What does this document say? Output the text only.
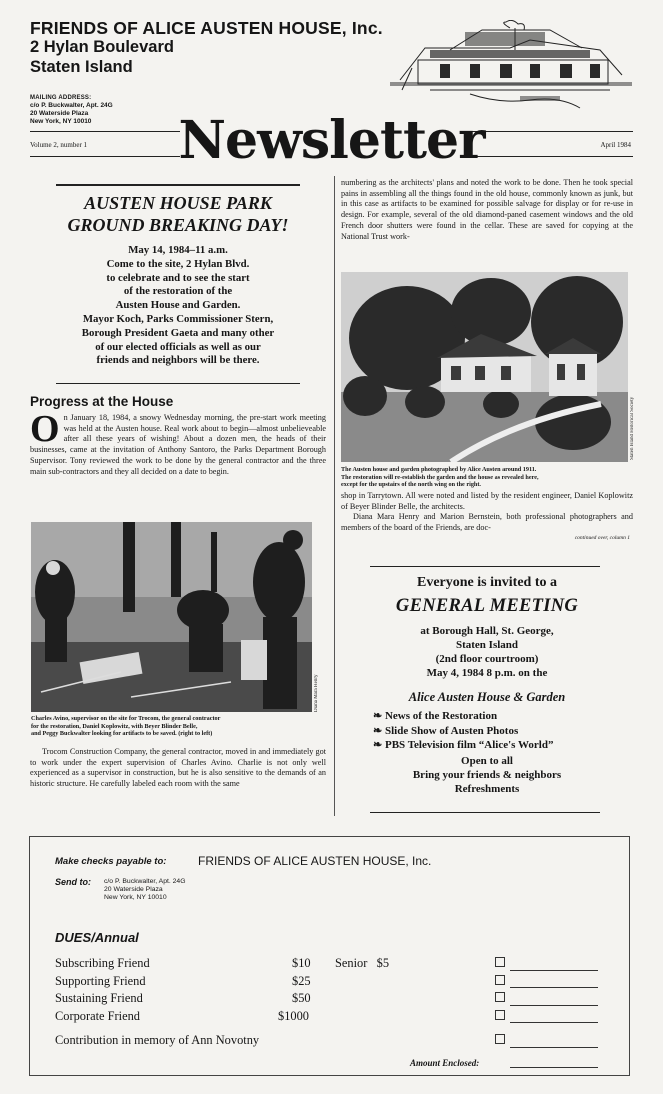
FRIENDS OF ALICE AUSTEN HOUSE, Inc.
2 Hylan Boulevard
Staten Island
MAILING ADDRESS:
c/o P. Buckwalter, Apt. 24G
20 Waterside Plaza
New York, NY 10010	Newsletter
Volume 2, number 1	April 1984
AUSTEN HOUSE PARK
GROUND BREAKING DAY!
May 14, 1984–11 a.m.
Come to the site, 2 Hylan Blvd.
to celebrate and to see the start
of the restoration of the
Austen House and Garden.
Mayor Koch, Parks Commissioner Stern,
Borough President Gaeta and many other
of our elected officials as well as our
friends and neighbors will be there.
Progress at the House
On January 18, 1984, a snowy Wednesday morning, the pre-start work meeting was held at the Austen house. Real work about to begin—almost unbelieveable after all these years of wishing! About a dozen men, the heads of their businesses, came at the invitation of Anthony Santoro, the Parks Department Borough Supervisor. Tony reviewed the work to be done by the general contractor and the three main sub-contractors and they all decided on a date to begin.
Diana Mara Henry
Charles Avino, supervisor on the site for Trocom, the general contractor
for the restoration, Daniel Koplowitz, with Beyer Blinder Belle,
and Peggy Buckwalter looking for artifacts to be saved. (right to left)
Trocom Construction Company, the general contractor, moved in and immediately got to work under the expert supervision of Charles Avino. Charlie is not only well experienced as a supervisor in construction, but he is also sensitive to the demands of an historic structure. He carefully labeled each room with the same
numbering as the architects' plans and noted the work to be done. Then he took special pains in assembling all the things found in the old house, commonly known as junk, but in this case as artifacts to be examined for possible salvage for display or for re-use in design. For example, several of the old diamond-paned casement windows and the old French door shutters were found in the cellar. These are saved for copying at the National Trust work-
Staten Island Historical Society
The Austen house and garden photographed by Alice Austen around 1911.
The restoration will re-establish the garden and the house as revealed here,
except for the upstairs of the north wing on the right.
shop in Tarrytown. All were noted and listed by the resident engineer, Daniel Koplowitz of Beyer Blinder Belle, the architects.
Diana Mara Henry and Marion Bernstein, both professional photographers and members of the board of the Friends, are doc-
continued over, column 1
Everyone is invited to a
GENERAL MEETING
at Borough Hall, St. George,
Staten Island
(2nd floor courtroom)
May 4, 1984 8 p.m. on the
Alice Austen House & Garden
❧ News of the Restoration
❧ Slide Show of Austen Photos
❧ PBS Television film “Alice's World”
Open to all
Bring your friends & neighbors
Refreshments
Make checks payable to:	FRIENDS OF ALICE AUSTEN HOUSE, Inc.
Send to: c/o P. Buckwalter, Apt. 24G
20 Waterside Plaza
New York, NY 10010
DUES/Annual
Subscribing Friend	$10 Senior   $5
Supporting Friend	$25
Sustaining Friend	$50
Corporate Friend	$1000
Contribution in memory of Ann Novotny
Amount Enclosed:
